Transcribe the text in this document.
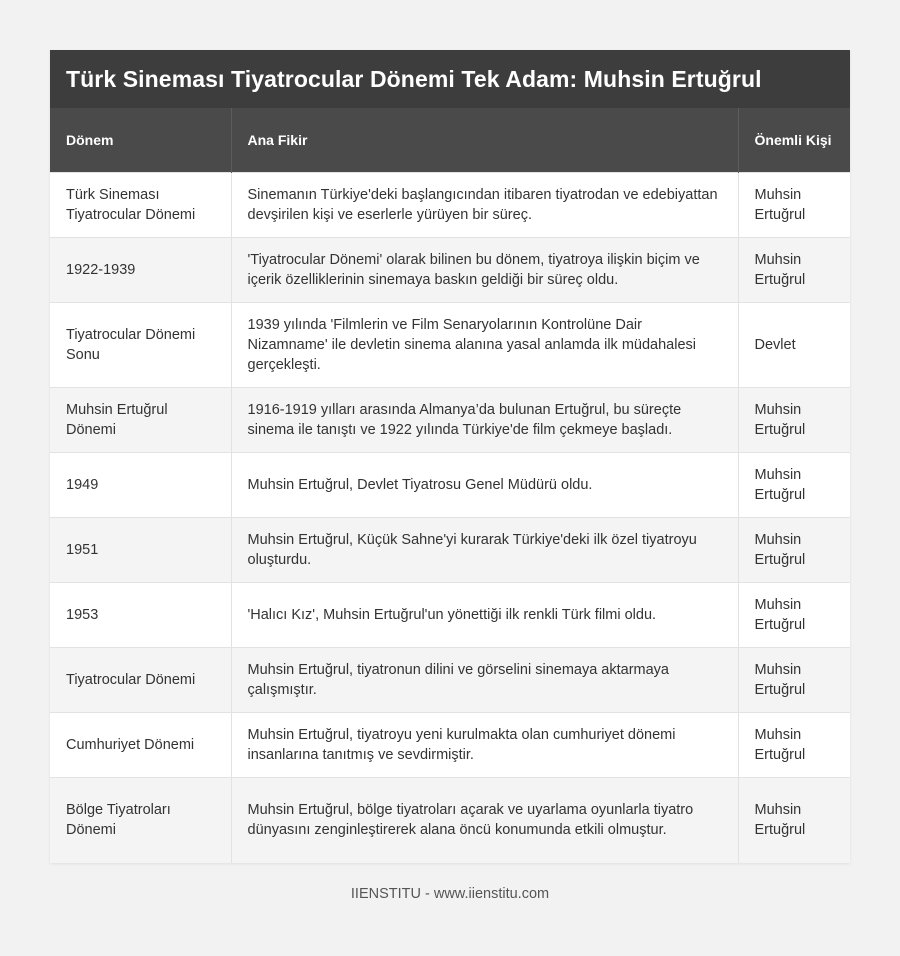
Türk Sineması Tiyatrocular Dönemi Tek Adam: Muhsin Ertuğrul
Dönem	Ana Fikir	Önemli Kişi
Türk Sineması Tiyatrocular Dönemi	Sinemanın Türkiye'deki başlangıcından itibaren tiyatrodan ve edebiyattan devşirilen kişi ve eserlerle yürüyen bir süreç.	Muhsin Ertuğrul
1922-1939	'Tiyatrocular Dönemi' olarak bilinen bu dönem, tiyatroya ilişkin biçim ve içerik özelliklerinin sinemaya baskın geldiği bir süreç oldu.	Muhsin Ertuğrul
Tiyatrocular Dönemi Sonu	1939 yılında 'Filmlerin ve Film Senaryolarının Kontrolüne Dair Nizamname' ile devletin sinema alanına yasal anlamda ilk müdahalesi gerçekleşti.	Devlet
Muhsin Ertuğrul Dönemi	1916-1919 yılları arasında Almanya’da bulunan Ertuğrul, bu süreçte sinema ile tanıştı ve 1922 yılında Türkiye'de film çekmeye başladı.	Muhsin Ertuğrul
1949	Muhsin Ertuğrul, Devlet Tiyatrosu Genel Müdürü oldu.	Muhsin Ertuğrul
1951	Muhsin Ertuğrul, Küçük Sahne'yi kurarak Türkiye'deki ilk özel tiyatroyu oluşturdu.	Muhsin Ertuğrul
1953	'Halıcı Kız', Muhsin Ertuğrul'un yönettiği ilk renkli Türk filmi oldu.	Muhsin Ertuğrul
Tiyatrocular Dönemi	Muhsin Ertuğrul, tiyatronun dilini ve görselini sinemaya aktarmaya çalışmıştır.	Muhsin Ertuğrul
Cumhuriyet Dönemi	Muhsin Ertuğrul, tiyatroyu yeni kurulmakta olan cumhuriyet dönemi insanlarına tanıtmış ve sevdirmiştir.	Muhsin Ertuğrul
Bölge Tiyatroları Dönemi	Muhsin Ertuğrul, bölge tiyatroları açarak ve uyarlama oyunlarla tiyatro dünyasını zenginleştirerek alana öncü konumunda etkili olmuştur.	Muhsin Ertuğrul
IIENSTITU - www.iienstitu.com
